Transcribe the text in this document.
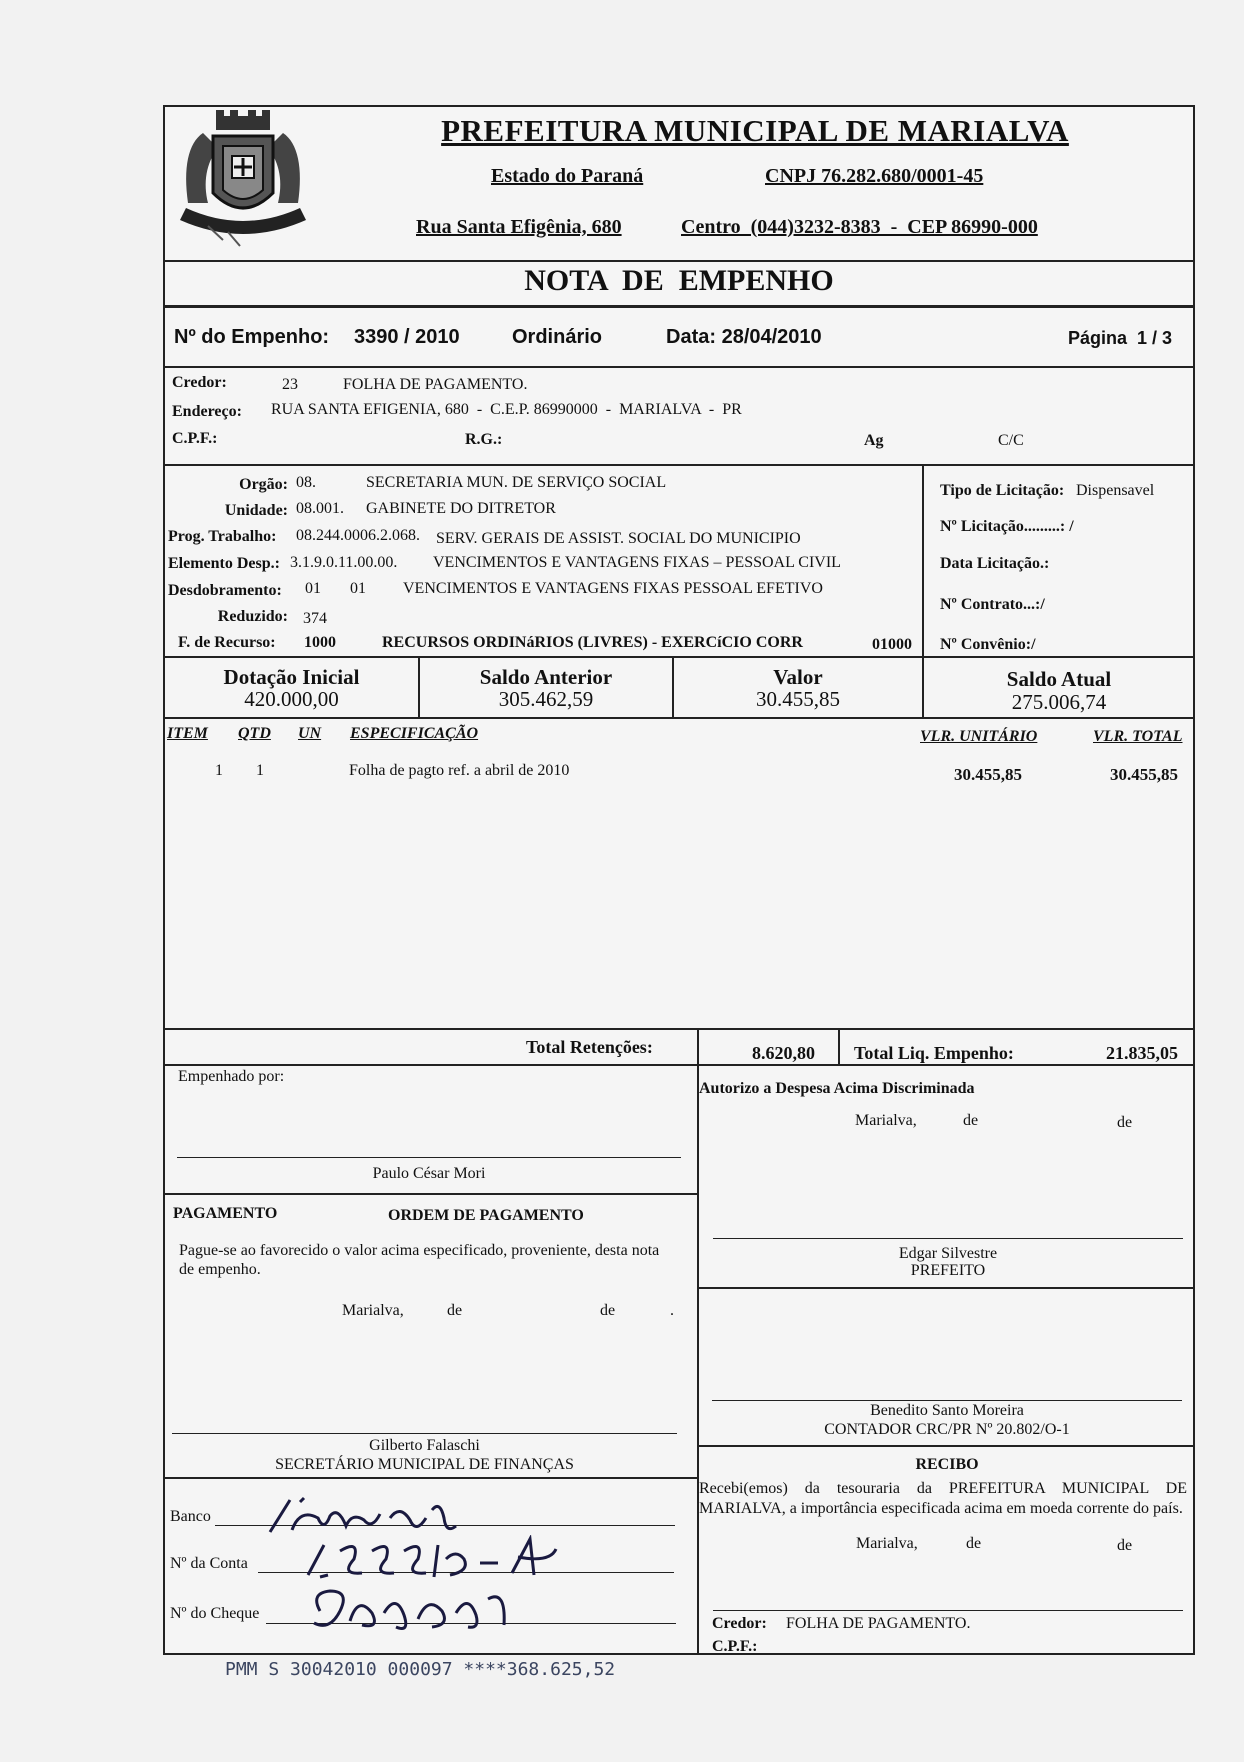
PREFEITURA MUNICIPAL DE MARIALVA
Estado do Paraná	CNPJ 76.282.680/0001-45
Rua Santa Efigênia, 680	Centro  (044)3232-8383  -  CEP 86990-000
NOTA  DE  EMPENHO
Nº do Empenho: 3390 / 2010	Ordinário	Data: 28/04/2010	Página  1 / 3
Credor:	23	FOLHA DE PAGAMENTO.
Endereço: RUA SANTA EFIGENIA, 680  -  C.E.P. 86990000  -  MARIALVA  -  PR
C.P.F.:	R.G.:	Ag	C/C
Orgão: 08.	SECRETARIA MUN. DE SERVIÇO SOCIAL
Unidade: 08.001. GABINETE DO DITRETOR
Prog. Trabalho: 08.244.0006.2.068. SERV. GERAIS DE ASSIST. SOCIAL DO MUNICIPIO
Elemento Desp.: 3.1.9.0.11.00.00. VENCIMENTOS E VANTAGENS FIXAS – PESSOAL CIVIL
Desdobramento: 01 01 VENCIMENTOS E VANTAGENS FIXAS PESSOAL EFETIVO
Reduzido: 374
F. de Recurso: 1000	RECURSOS ORDINáRIOS (LIVRES) - EXERCíCIO CORR	01000
Tipo de Licitação: Dispensavel
Nº Licitação.........: /
Data Licitação.:
Nº Contrato...:/
Nº Convênio:/
Dotação Inicial
420.000,00
Saldo Anterior
305.462,59
Valor
30.455,85
Saldo Atual
275.006,74
ITEM QTD UN ESPECIFICAÇÃO	VLR. UNITÁRIO	VLR. TOTAL
1 1	Folha de pagto ref. a abril de 2010	30.455,85	30.455,85
Total Retenções:	8.620,80 Total Liq. Empenho:	21.835,05
Empenhado por:
Paulo César Mori
PAGAMENTO	ORDEM DE PAGAMENTO
Pague-se ao favorecido o valor acima especificado, proveniente, desta nota de empenho.
Marialva,	de	de	.
Gilberto Falaschi
SECRETÁRIO MUNICIPAL DE FINANÇAS
Banco
Nº da Conta
Nº do Cheque
Autorizo a Despesa Acima Discriminada
Marialva,	de	de
Edgar Silvestre
PREFEITO
Benedito Santo Moreira
CONTADOR CRC/PR Nº 20.802/O-1
RECIBO
Recebi(emos) da tesouraria da PREFEITURA MUNICIPAL DE MARIALVA, a importância especificada acima em moeda corrente do país.
Marialva,	de	de
Credor: FOLHA DE PAGAMENTO.
C.P.F.:
PMM S 30042010 000097 ****368.625,52
